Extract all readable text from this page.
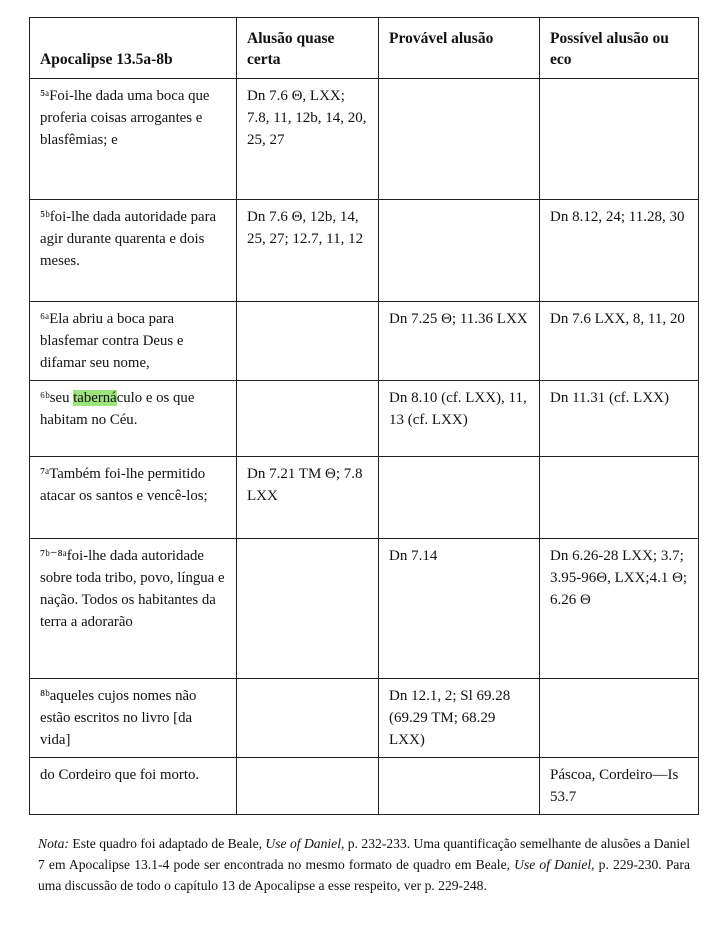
Apocalipse 13.5a-8b	Alusão quase certa	Provável alusão	Possível alusão ou eco
⁵ᵃFoi-lhe dada uma boca que proferia coisas arrogantes e blasfêmias; e	Dn 7.6 Θ, LXX; 7.8, 11, 12b, 14, 20, 25, 27		
⁵ᵇfoi-lhe dada autoridade para agir durante quarenta e dois meses.	Dn 7.6 Θ, 12b, 14, 25, 27; 12.7, 11, 12		Dn 8.12, 24; 11.28, 30
⁶ᵃEla abriu a boca para blasfemar contra Deus e difamar seu nome,		Dn 7.25 Θ; 11.36 LXX	Dn 7.6 LXX, 8, 11, 20
⁶ᵇseu tabernáculo e os que habitam no Céu.		Dn 8.10 (cf. LXX), 11, 13 (cf. LXX)	Dn 11.31 (cf. LXX)
⁷ᵃTambém foi-lhe permitido atacar os santos e vencê-los;	Dn 7.21 TM Θ; 7.8 LXX		
⁷ᵇ⁻⁸ᵃfoi-lhe dada autoridade sobre toda tribo, povo, língua e nação. Todos os habitantes da terra a adorarão		Dn 7.14	Dn 6.26-28 LXX; 3.7; 3.95-96Θ, LXX;4.1 Θ; 6.26 Θ
⁸ᵇaqueles cujos nomes não estão escritos no livro [da vida]		Dn 12.1, 2; Sl 69.28 (69.29 TM; 68.29 LXX)	
do Cordeiro que foi morto.			Páscoa, Cordeiro—Is 53.7
Nota: Este quadro foi adaptado de Beale, Use of Daniel, p. 232-233. Uma quantificação semelhante de alusões a Daniel 7 em Apocalipse 13.1-4 pode ser encontrada no mesmo formato de quadro em Beale, Use of Daniel, p. 229-230. Para uma discussão de todo o capítulo 13 de Apocalipse a esse respeito, ver p. 229-248.
